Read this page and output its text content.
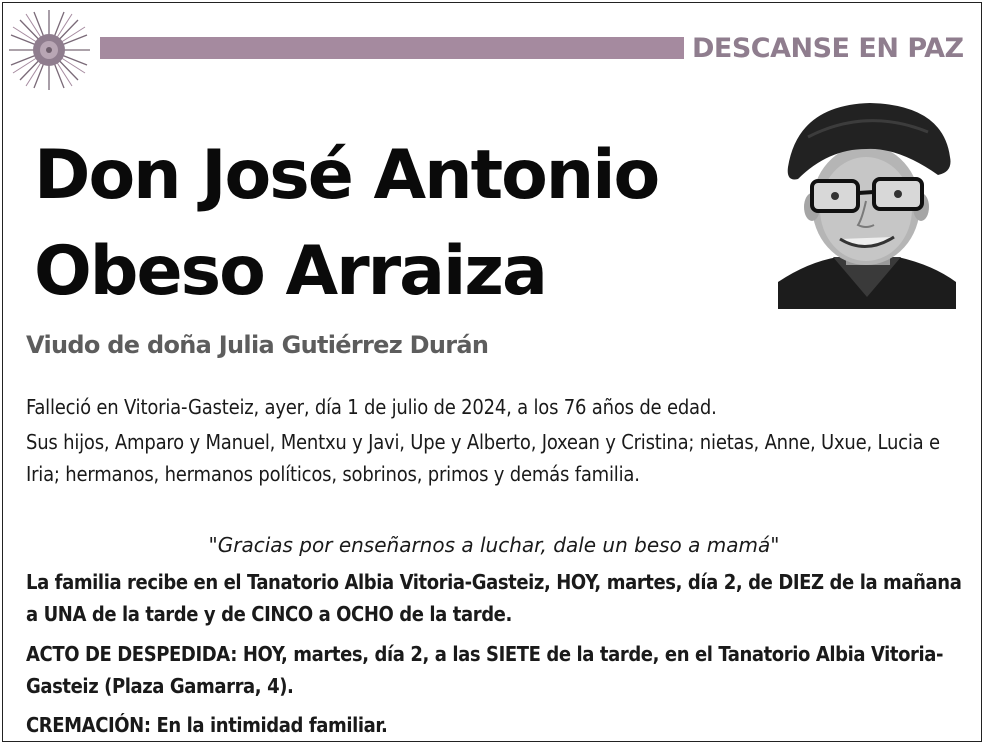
DESCANSE EN PAZ
Don José Antonio
Obeso Arraiza
Viudo de doña Julia Gutiérrez Durán
Falleció en Vitoria-Gasteiz, ayer, día 1 de julio de 2024, a los 76 años de edad.
Sus hijos, Amparo y Manuel, Mentxu y Javi, Upe y Alberto, Joxean y Cristina; nietas, Anne, Uxue, Lucia e Iria; hermanos, hermanos políticos, sobrinos, primos y demás familia.
"Gracias por enseñarnos a luchar, dale un beso a mamá"
La familia recibe en el Tanatorio Albia Vitoria-Gasteiz, HOY, martes, día 2, de DIEZ de la mañana a UNA de la tarde y de CINCO a OCHO de la tarde.
ACTO DE DESPEDIDA: HOY, martes, día 2, a las SIETE de la tarde, en el Tanatorio Albia Vitoria-Gasteiz (Plaza Gamarra, 4).
CREMACIÓN: En la intimidad familiar.
